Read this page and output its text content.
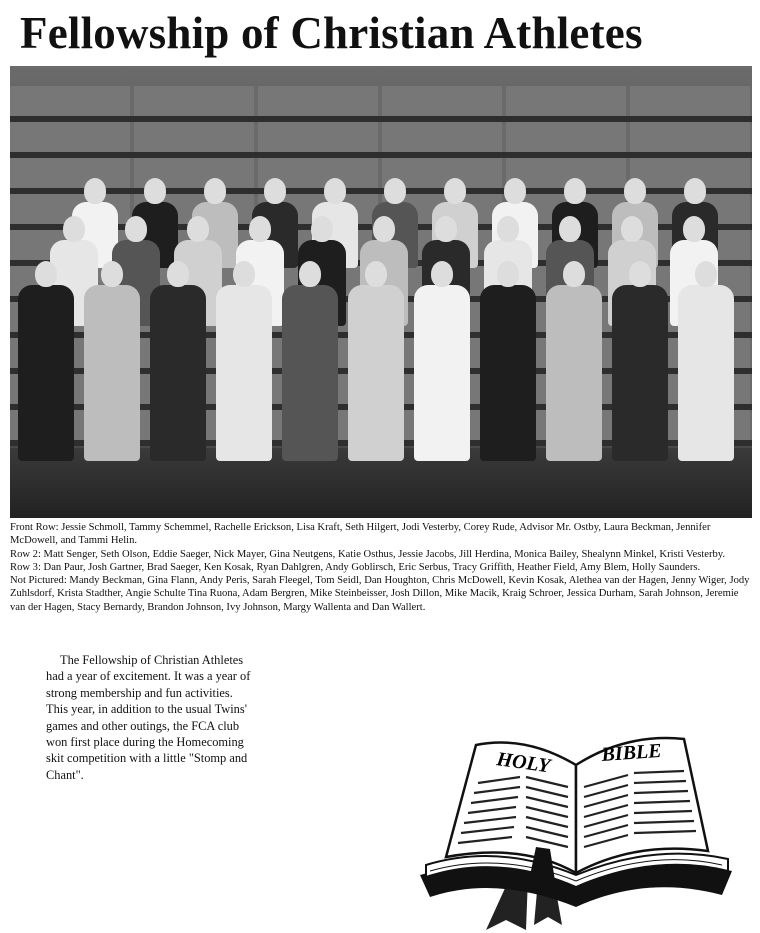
Fellowship of Christian Athletes

Front Row: Jessie Schmoll, Tammy Schemmel, Rachelle Erickson, Lisa Kraft, Seth Hilgert, Jodi Vesterby, Corey Rude, Advisor Mr. Ostby, Laura Beckman, Jennifer McDowell, and Tammi Helin.

Row 2: Matt Senger, Seth Olson, Eddie Saeger, Nick Mayer, Gina Neutgens, Katie Osthus, Jessie Jacobs, Jill Herdina, Monica Bailey, Shealynn Minkel, Kristi Vesterby.

Row 3: Dan Paur, Josh Gartner, Brad Saeger, Ken Kosak, Ryan Dahlgren, Andy Goblirsch, Eric Serbus, Tracy Griffith, Heather Field, Amy Blem, Holly Saunders.

Not Pictured: Mandy Beckman, Gina Flann, Andy Peris, Sarah Fleegel, Tom Seidl, Dan Houghton, Chris McDowell, Kevin Kosak, Alethea van der Hagen, Jenny Wiger, Jody Zuhlsdorf, Krista Stadther, Angie Schulte Tina Ruona, Adam Bergren, Mike Steinbeisser, Josh Dillon, Mike Macik, Kraig Schroer, Jessica Durham, Sarah Johnson, Jeremie van der Hagen, Stacy Bernardy, Brandon Johnson, Ivy Johnson, Margy Wallenta and Dan Wallert.

The Fellowship of Christian Athletes had a year of excitement. It was a year of strong membership and fun activities. This year, in addition to the usual Twins' games and other outings, the FCA club won first place during the Homecoming skit competition with a little "Stomp and Chant".	HOLY BIBLE
